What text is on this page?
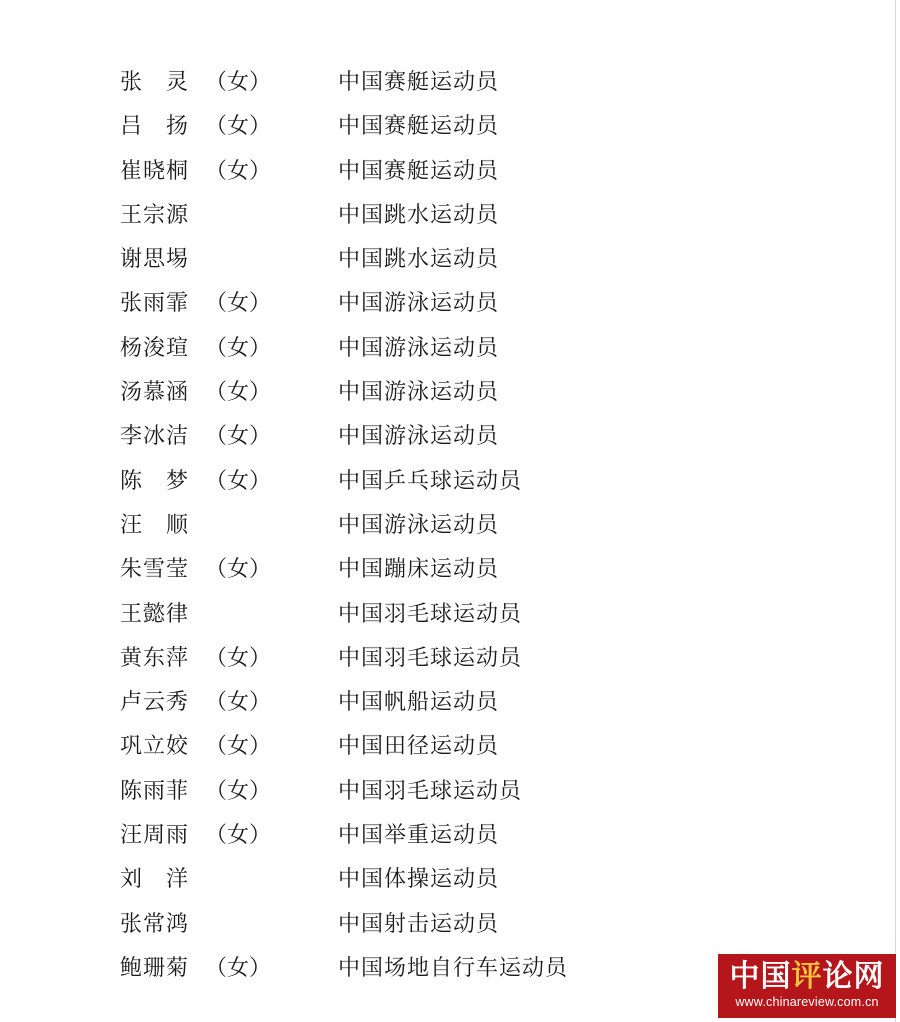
张　灵 （女）	中国赛艇运动员
吕　扬 （女）	中国赛艇运动员
崔晓桐 （女）	中国赛艇运动员
王宗源	中国跳水运动员
谢思埸	中国跳水运动员
张雨霏 （女）	中国游泳运动员
杨浚瑄 （女）	中国游泳运动员
汤慕涵 （女）	中国游泳运动员
李冰洁 （女）	中国游泳运动员
陈　梦 （女）	中国乒乓球运动员
汪　顺	中国游泳运动员
朱雪莹 （女）	中国蹦床运动员
王懿律	中国羽毛球运动员
黄东萍 （女）	中国羽毛球运动员
卢云秀 （女）	中国帆船运动员
巩立姣 （女）	中国田径运动员
陈雨菲 （女）	中国羽毛球运动员
汪周雨 （女）	中国举重运动员
刘　洋	中国体操运动员
张常鸿	中国射击运动员
鲍珊菊 （女）	中国场地自行车运动员	中国评论网
www.chinareview.com.cn
